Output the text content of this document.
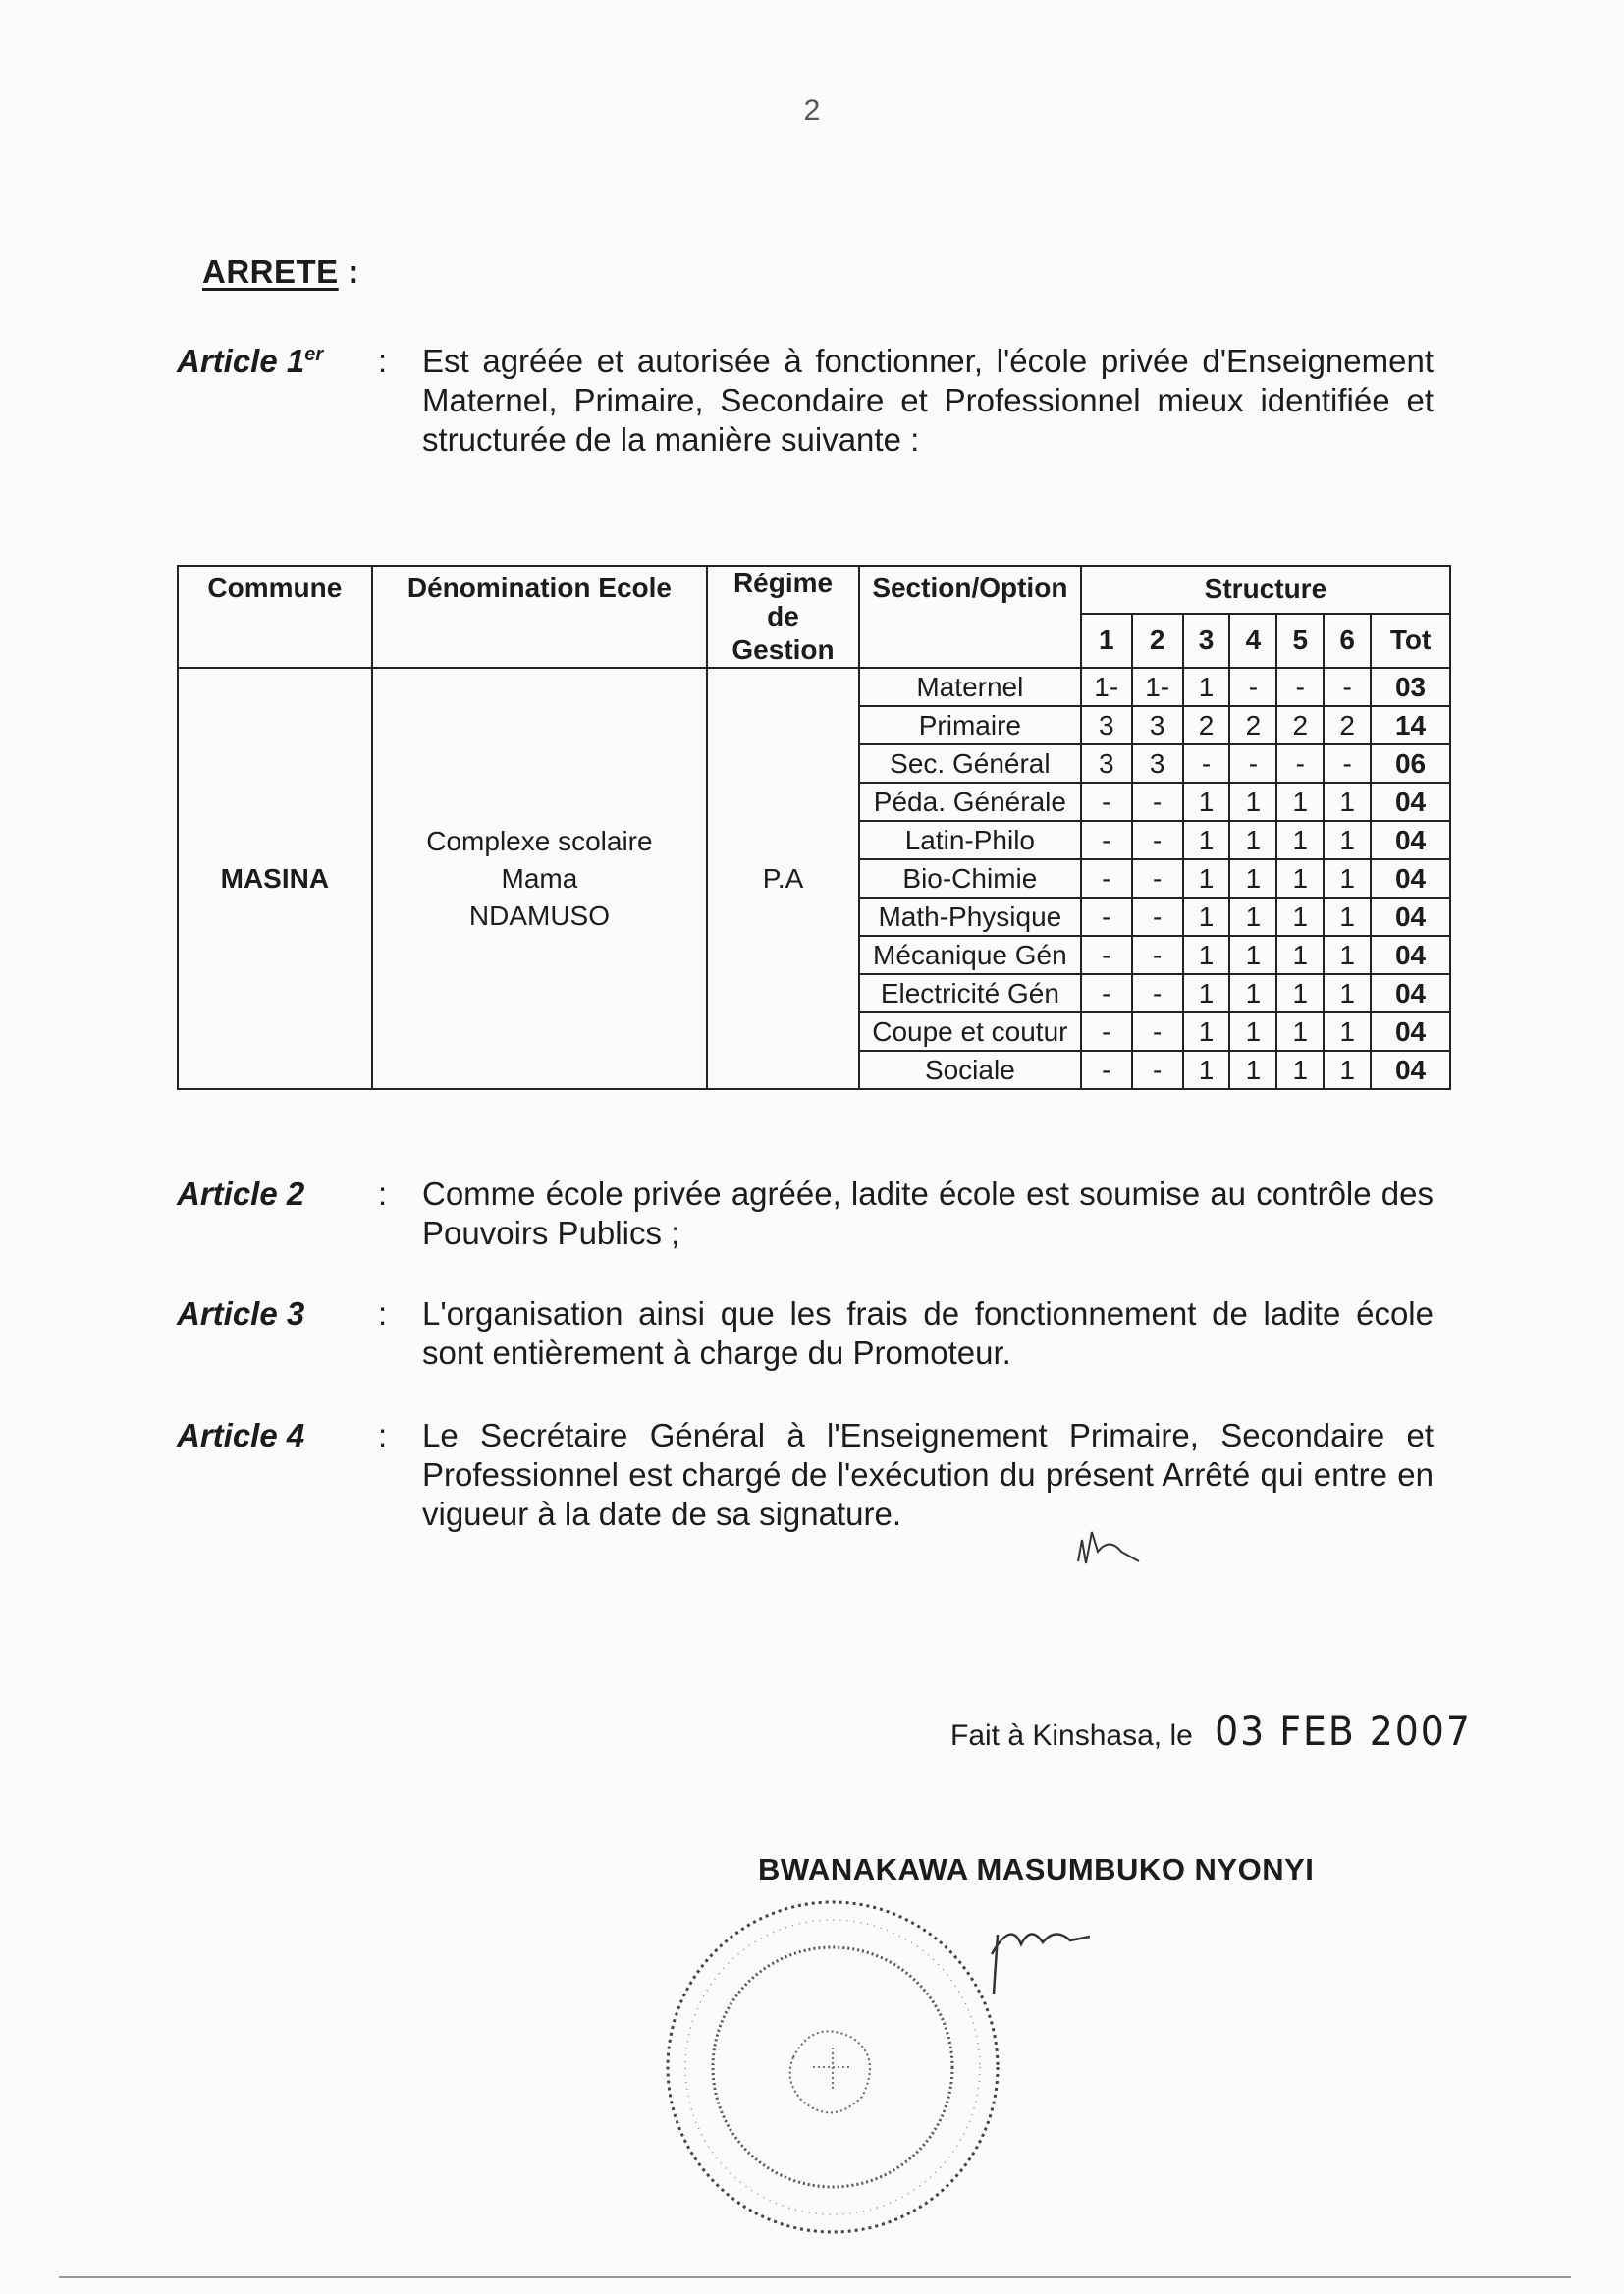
2
ARRETE :
Article 1er	: Est agréée et autorisée à fonctionner, l'école privée d'Enseignement Maternel, Primaire, Secondaire et Professionnel mieux identifiée et structurée de la manière suivante :
Commune	Dénomination Ecole	Régime
de
Gestion	Section/Option	Structure						
				1	2	3	4	5	6	Tot
MASINA	Complexe scolaire
Mama
NDAMUSO	P.A	Maternel	1-	1-	1	-	-	-	03
			Primaire	3	3	2	2	2	2	14
			Sec. Général	3	3	-	-	-	-	06
			Péda. Générale	-	-	1	1	1	1	04
			Latin-Philo	-	-	1	1	1	1	04
			Bio-Chimie	-	-	1	1	1	1	04
			Math-Physique	-	-	1	1	1	1	04
			Mécanique Gén	-	-	1	1	1	1	04
			Electricité Gén	-	-	1	1	1	1	04
			Coupe et coutur	-	-	1	1	1	1	04
			Sociale	-	-	1	1	1	1	04
Article 2	: Comme école privée agréée, ladite école est soumise au contrôle des Pouvoirs Publics ;
Article 3	: L'organisation ainsi que les frais de fonctionnement de ladite école sont entièrement à charge du Promoteur.
Article 4	: Le Secrétaire Général à l'Enseignement Primaire, Secondaire et Professionnel est chargé de l'exécution du présent Arrêté qui entre en vigueur à la date de sa signature.
Fait à Kinshasa, le 03 FEB 2007
BWANAKAWA MASUMBUKO NYONYI
